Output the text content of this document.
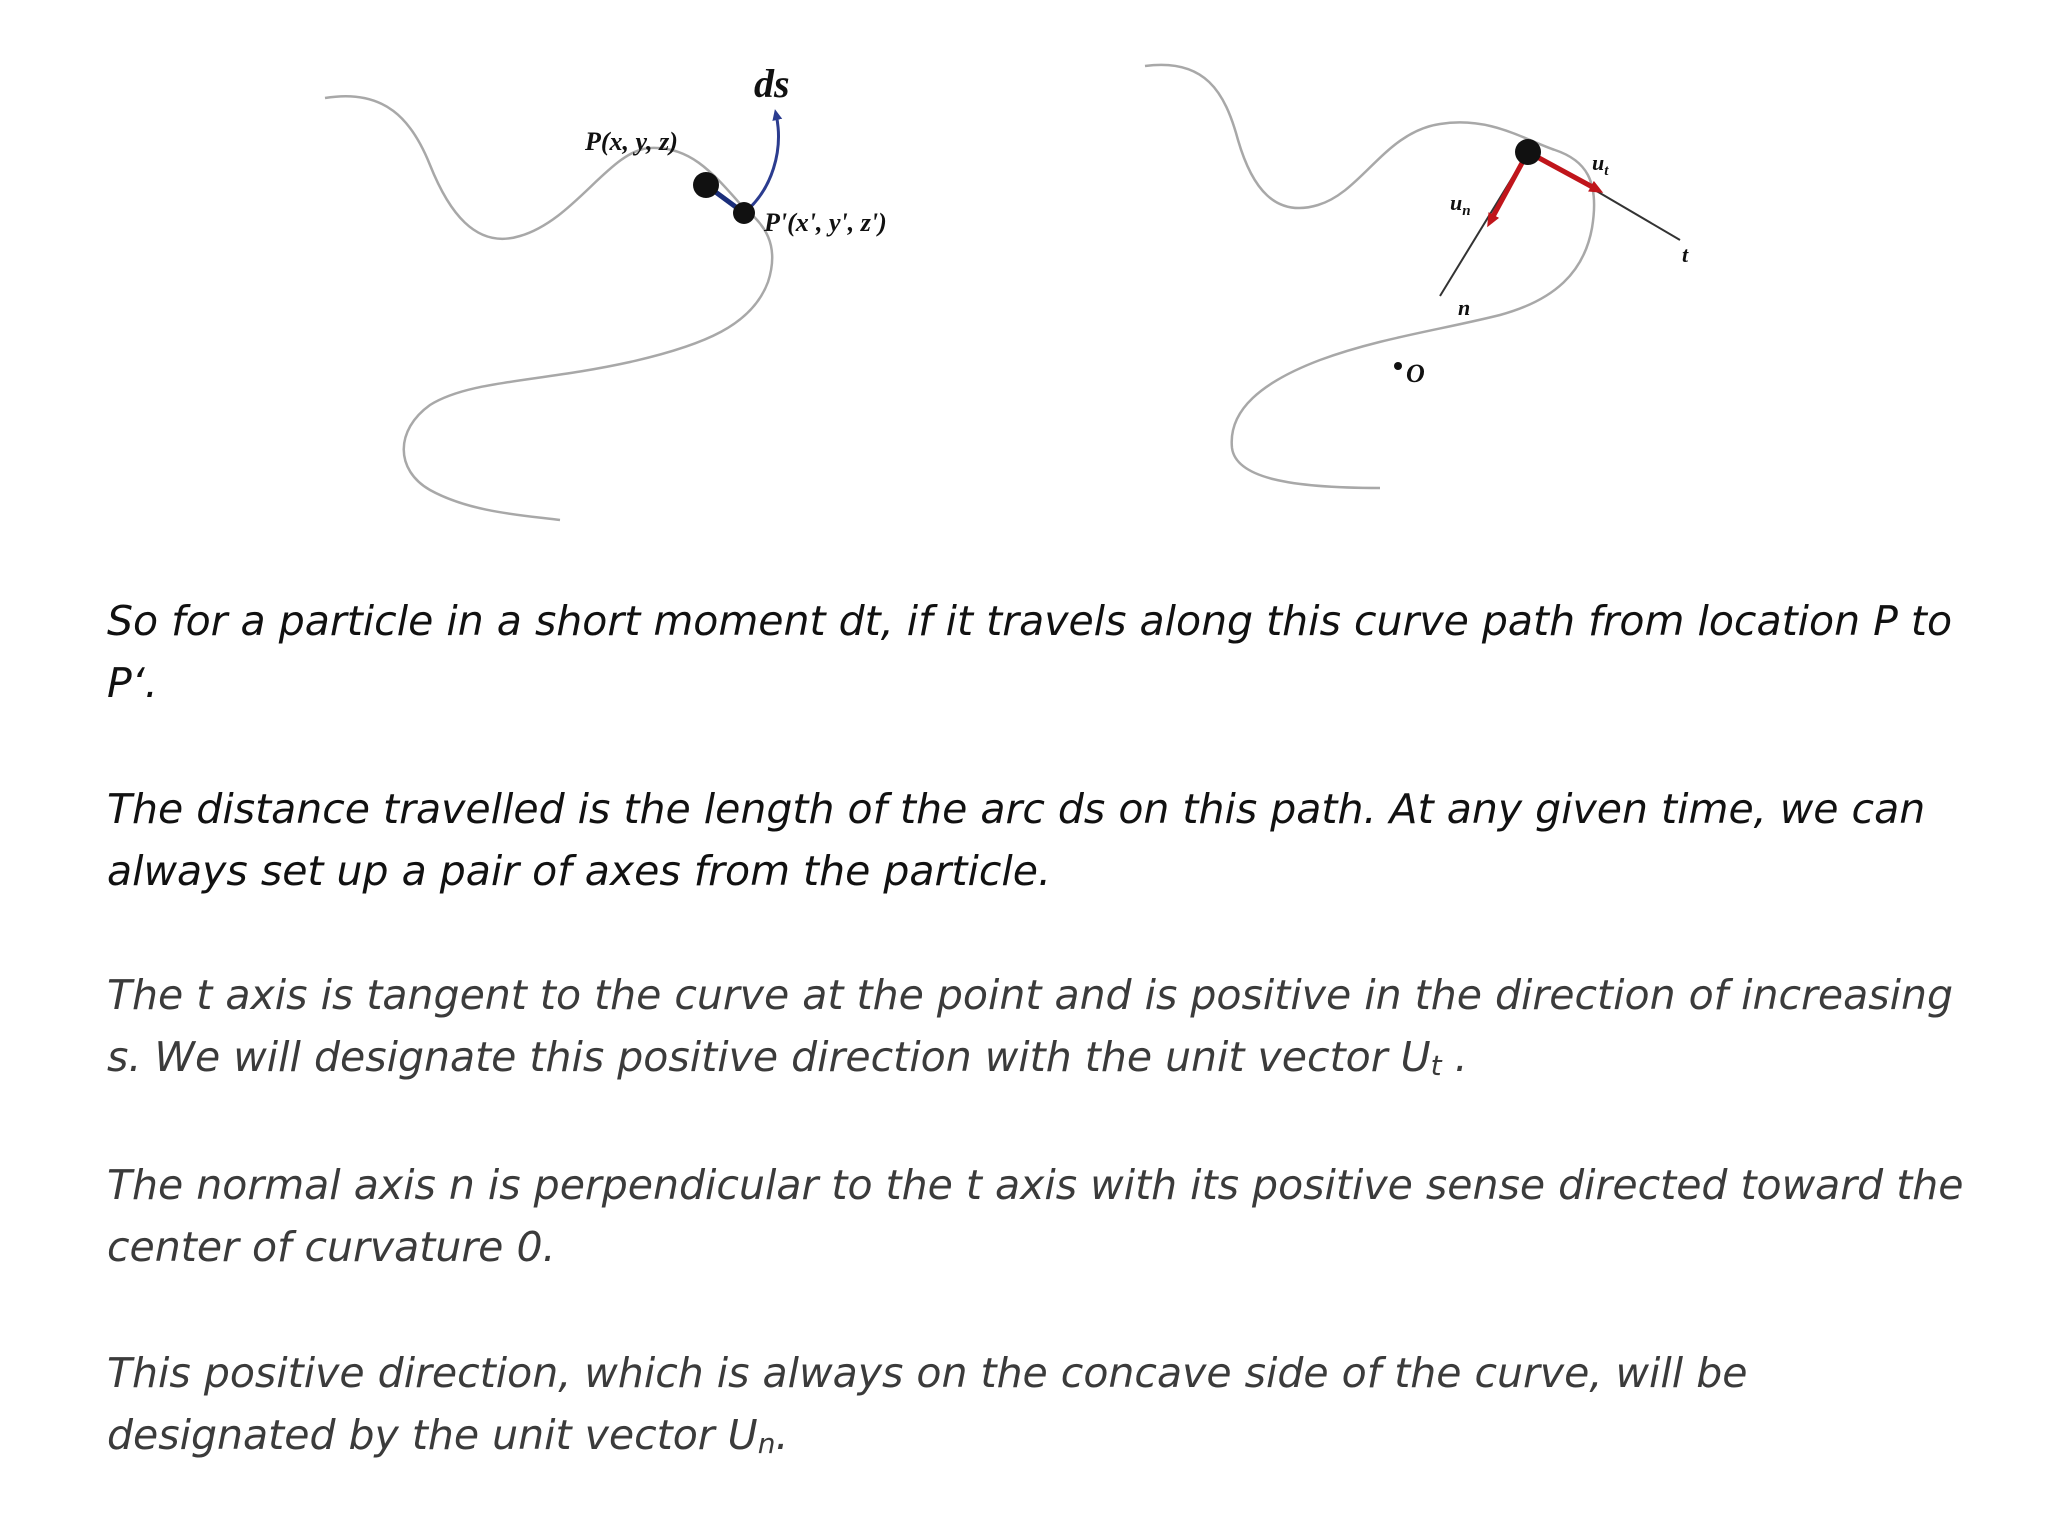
ds
P(x, y, z)
P'(x', y', z')
$u_t$
$u_n$
t
n
O

So for a particle in a short moment dt, if it travels along this curve path from location P to P‘.

The distance travelled is the length of the arc ds on this path. At any given time, we can always set up a pair of axes from the particle.

The t axis is tangent to the curve at the point and is positive in the direction of increasing s. We will designate this positive direction with the unit vector $U_t$ .

The normal axis n is perpendicular to the t axis with its positive sense directed toward the center of curvature 0.

This positive direction, which is always on the concave side of the curve, will be designated by the unit vector $U_n$.
